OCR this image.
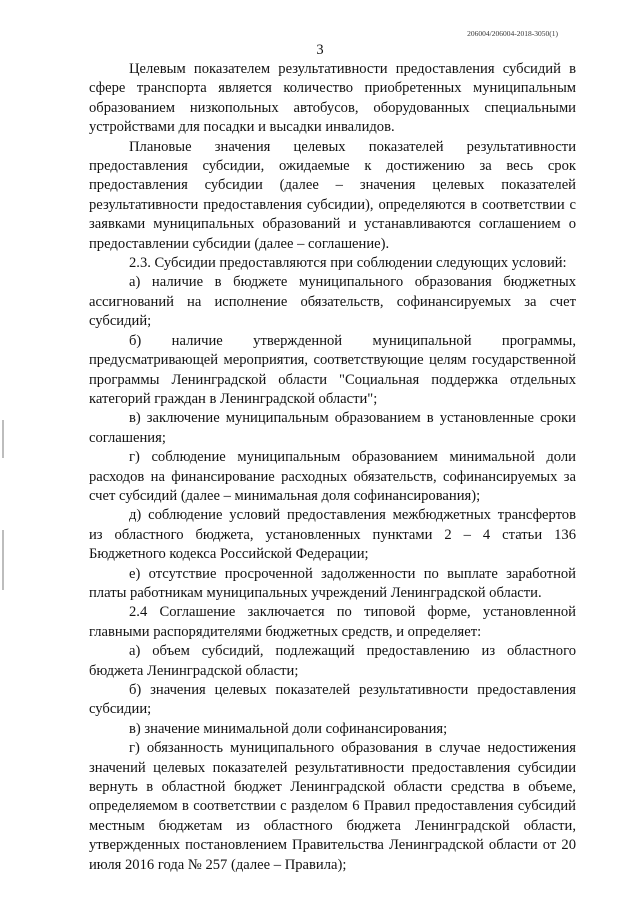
206004/206004-2018-3050(1)
3

Целевым показателем результативности предоставления субсидий в сфере транспорта является количество приобретенных муниципальным образованием низкопольных автобусов, оборудованных специальными устройствами для посадки и высадки инвалидов.

Плановые значения целевых показателей результативности предоставления субсидии, ожидаемые к достижению за весь срок предоставления субсидии (далее – значения целевых показателей результативности предоставления субсидии), определяются в соответствии с заявками муниципальных образований и устанавливаются соглашением о предоставлении субсидии (далее – соглашение).

2.3. Субсидии предоставляются при соблюдении следующих условий:

а) наличие в бюджете муниципального образования бюджетных ассигнований на исполнение обязательств, софинансируемых за счет субсидий;

б) наличие утвержденной муниципальной программы, предусматривающей мероприятия, соответствующие целям государственной программы Ленинградской области "Социальная поддержка отдельных категорий граждан в Ленинградской области";

в) заключение муниципальным образованием в установленные сроки соглашения;

г) соблюдение муниципальным образованием минимальной доли расходов на финансирование расходных обязательств, софинансируемых за счет субсидий (далее – минимальная доля софинансирования);

д) соблюдение условий предоставления межбюджетных трансфертов из областного бюджета, установленных пунктами 2 – 4 статьи 136 Бюджетного кодекса Российской Федерации;

е) отсутствие просроченной задолженности по выплате заработной платы работникам муниципальных учреждений Ленинградской области.

2.4 Соглашение заключается по типовой форме, установленной главными распорядителями бюджетных средств, и определяет:

а) объем субсидий, подлежащий предоставлению из областного бюджета Ленинградской области;

б) значения целевых показателей результативности предоставления субсидии;

в) значение минимальной доли софинансирования;

г) обязанность муниципального образования в случае недостижения значений целевых показателей результативности предоставления субсидии вернуть в областной бюджет Ленинградской области средства в объеме, определяемом в соответствии с разделом 6 Правил предоставления субсидий местным бюджетам из областного бюджета Ленинградской области, утвержденных постановлением Правительства Ленинградской области от 20 июля 2016 года № 257 (далее – Правила);
